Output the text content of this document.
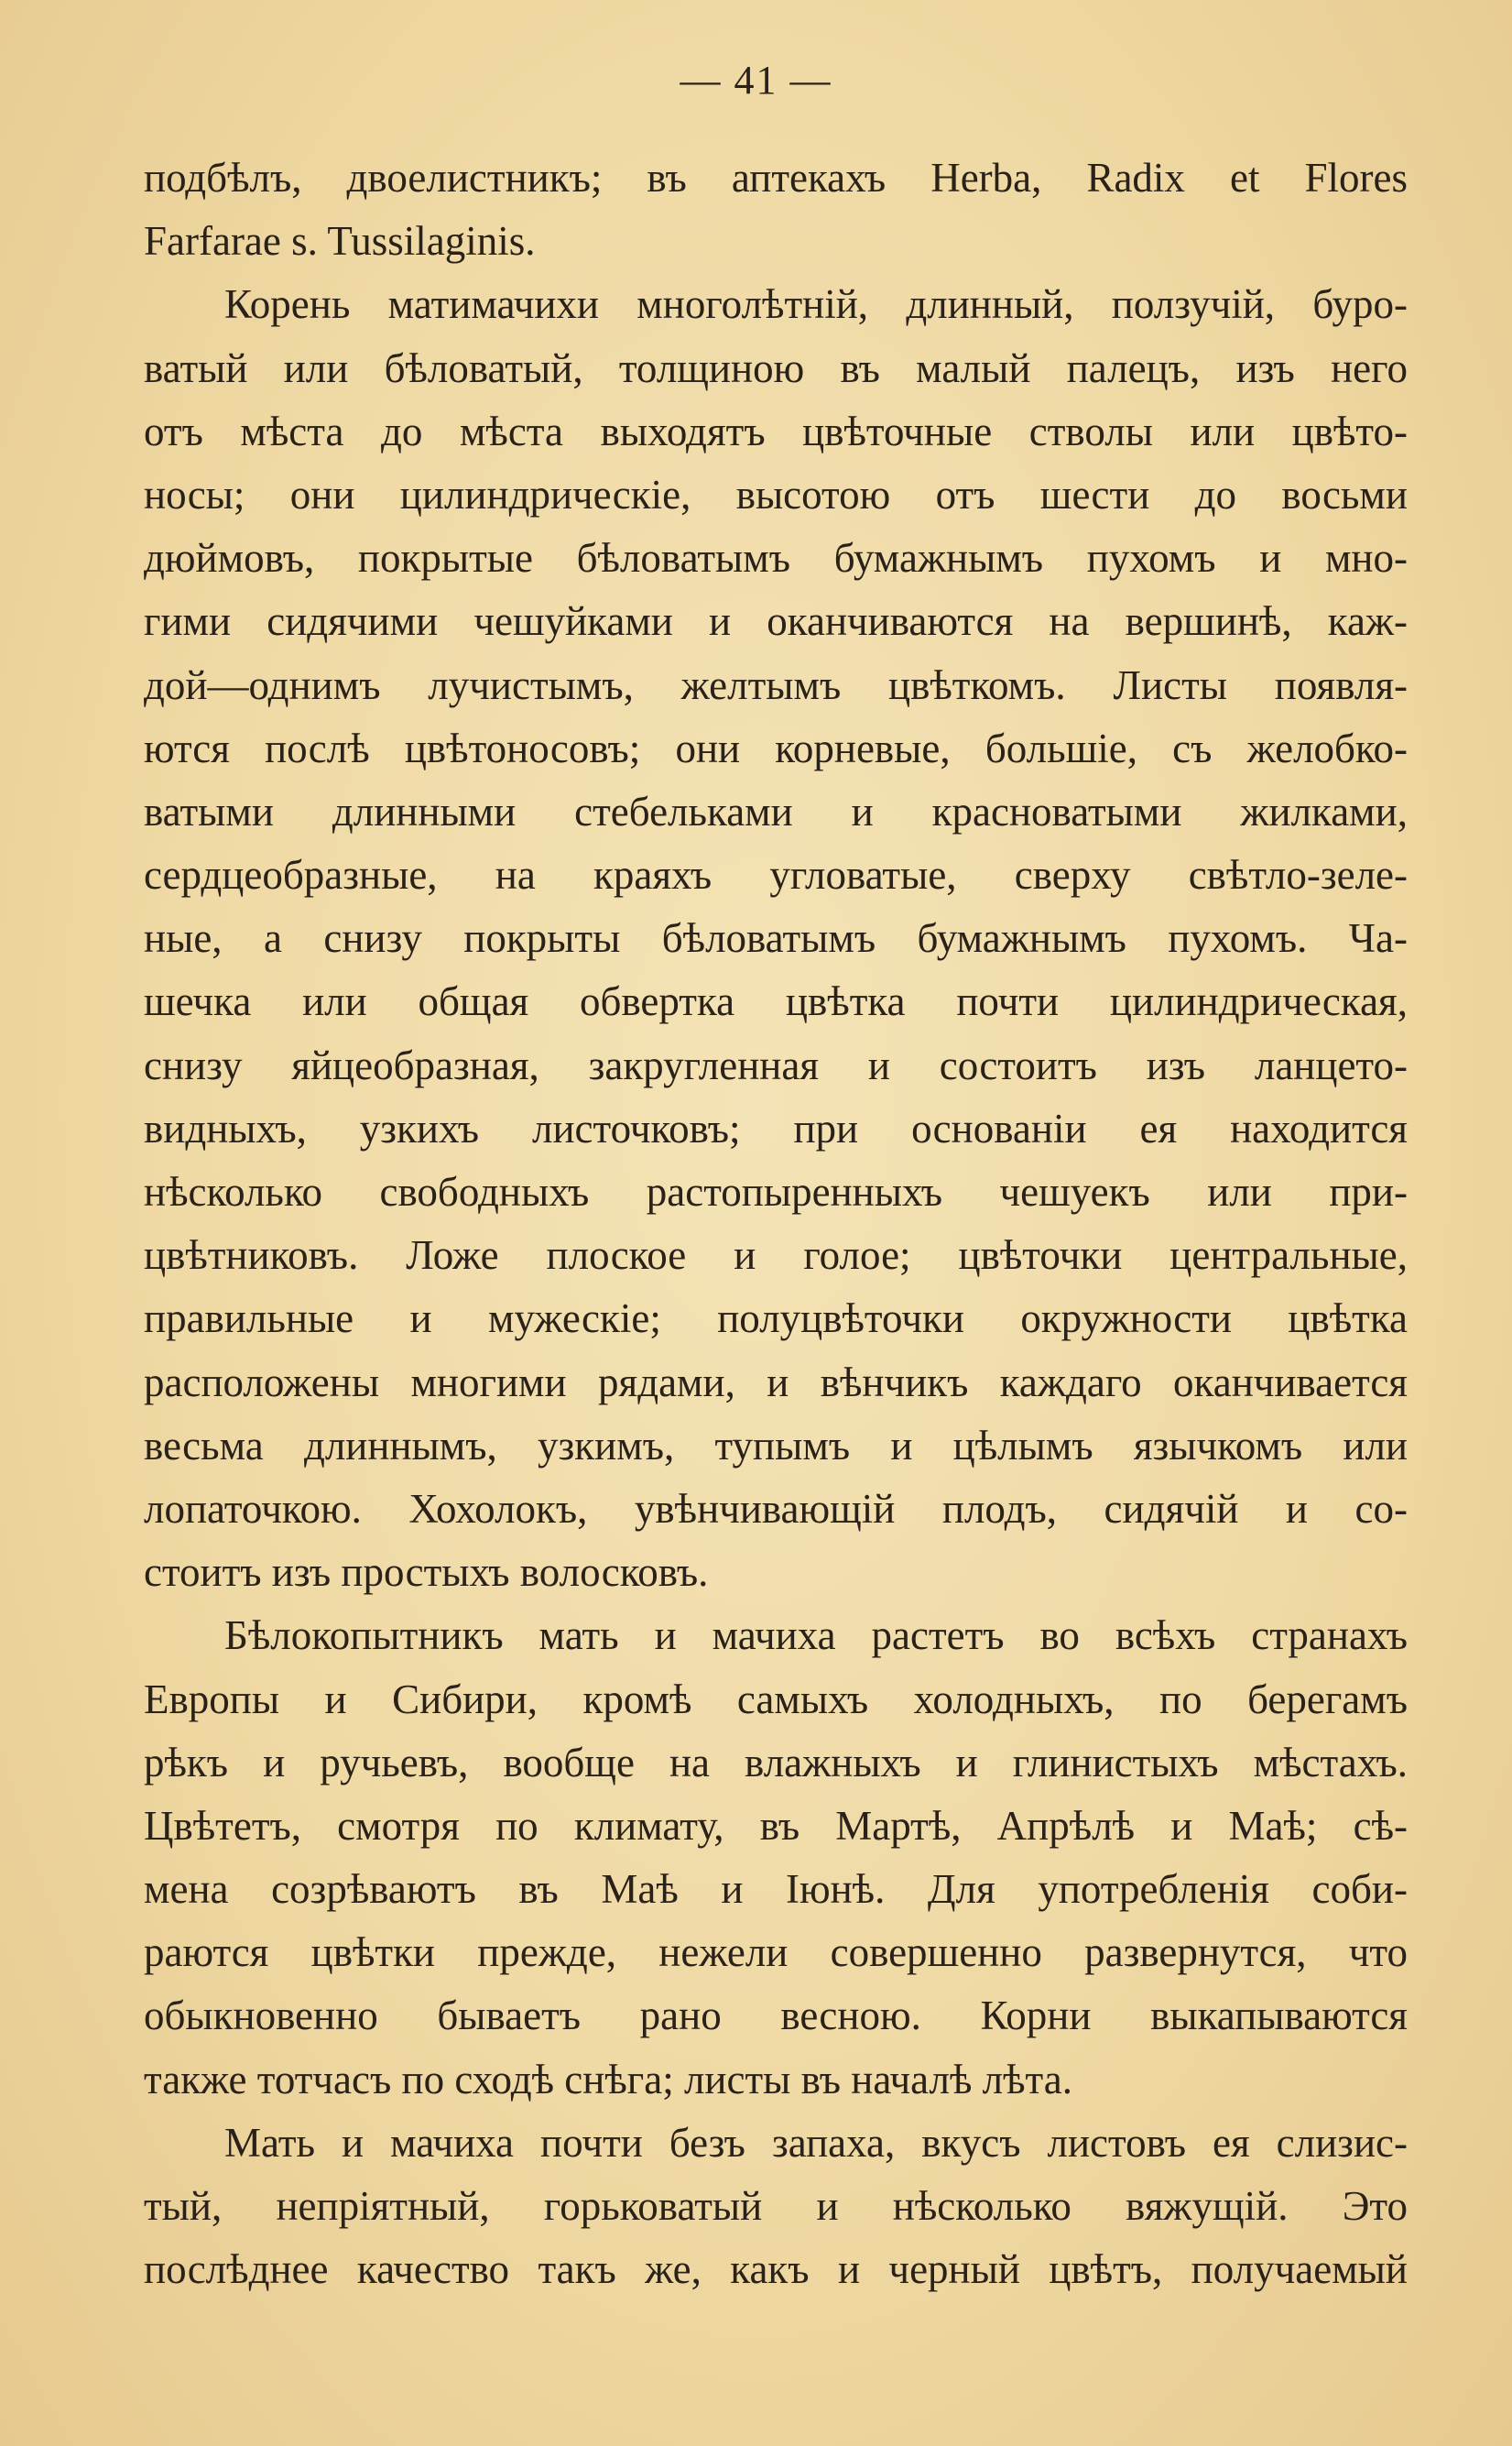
— 41 —
подбѣлъ, двоелистникъ; въ аптекахъ Herba, Radix et Flores
Farfarae s. Tussilaginis.
Корень матимачихи многолѣтній, длинный, ползучій, буро-
ватый или бѣловатый, толщиною въ малый палецъ, изъ него
отъ мѣста до мѣста выходятъ цвѣточные стволы или цвѣто-
носы; они цилиндрическіе, высотою отъ шести до восьми
дюймовъ, покрытые бѣловатымъ бумажнымъ пухомъ и мно-
гими сидячими чешуйками и оканчиваются на вершинѣ, каж-
дой—однимъ лучистымъ, желтымъ цвѣткомъ. Листы появля-
ются послѣ цвѣтоносовъ; они корневые, большіе, съ желобко-
ватыми длинными стебельками и красноватыми жилками,
сердцеобразные, на краяхъ угловатые, сверху свѣтло-зеле-
ные, а снизу покрыты бѣловатымъ бумажнымъ пухомъ. Ча-
шечка или общая обвертка цвѣтка почти цилиндрическая,
снизу яйцеобразная, закругленная и состоитъ изъ ланцето-
видныхъ, узкихъ листочковъ; при основаніи ея находится
нѣсколько свободныхъ растопыренныхъ чешуекъ или при-
цвѣтниковъ. Ложе плоское и голое; цвѣточки центральные,
правильные и мужескіе; полуцвѣточки окружности цвѣтка
расположены многими рядами, и вѣнчикъ каждаго оканчивается
весьма длиннымъ, узкимъ, тупымъ и цѣлымъ язычкомъ или
лопаточкою. Хохолокъ, увѣнчивающій плодъ, сидячій и со-
стоитъ изъ простыхъ волосковъ.
Бѣлокопытникъ мать и мачиха растетъ во всѣхъ странахъ
Европы и Сибири, кромѣ самыхъ холодныхъ, по берегамъ
рѣкъ и ручьевъ, вообще на влажныхъ и глинистыхъ мѣстахъ.
Цвѣтетъ, смотря по климату, въ Мартѣ, Апрѣлѣ и Маѣ; сѣ-
мена созрѣваютъ въ Маѣ и Іюнѣ. Для употребленія соби-
раются цвѣтки прежде, нежели совершенно развернутся, что
обыкновенно бываетъ рано весною. Корни выкапываются
также тотчасъ по сходѣ снѣга; листы въ началѣ лѣта.
Мать и мачиха почти безъ запаха, вкусъ листовъ ея слизис-
тый, непріятный, горьковатый и нѣсколько вяжущій. Это
послѣднее качество такъ же, какъ и черный цвѣтъ, получаемый
